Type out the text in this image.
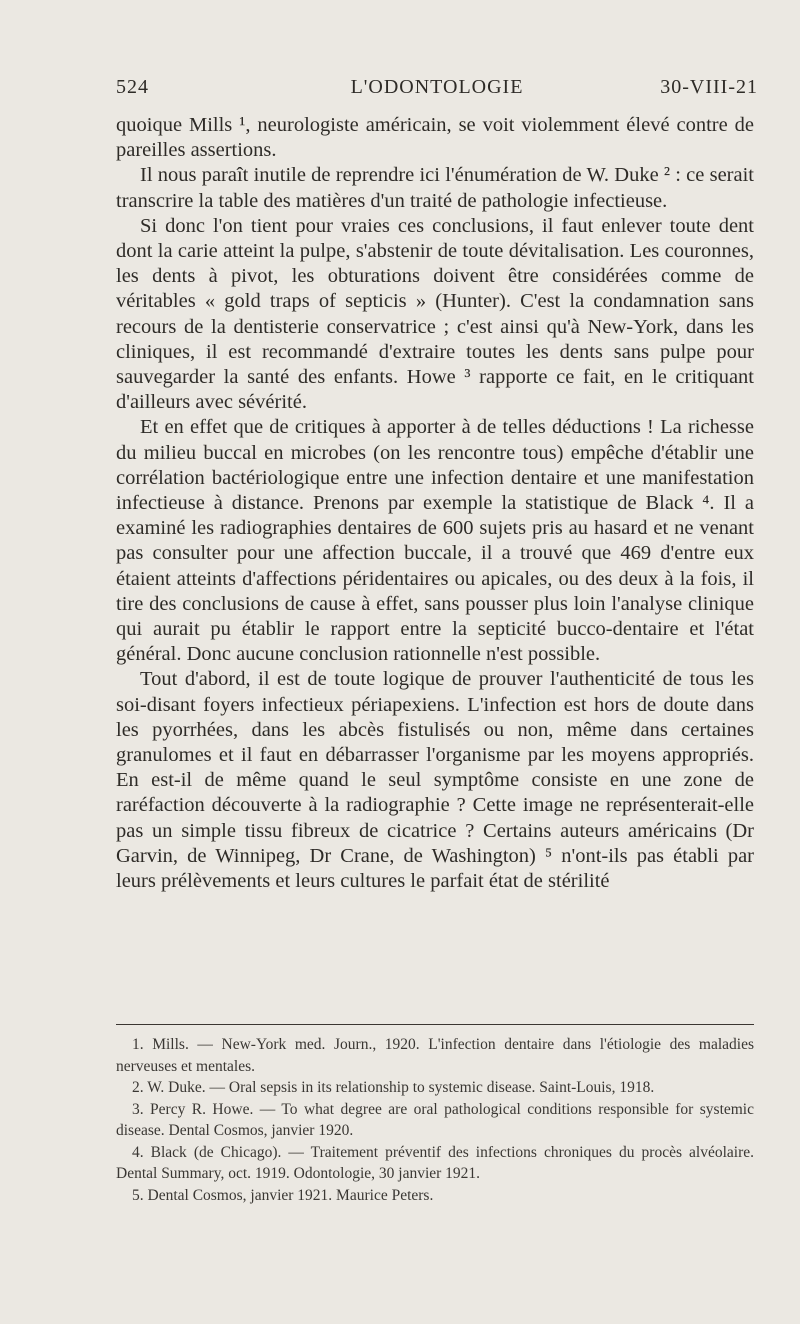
524	L'ODONTOLOGIE	30-VIII-21

quoique Mills ¹, neurologiste américain, se voit violemment élevé contre de pareilles assertions.

Il nous paraît inutile de reprendre ici l'énumération de W. Duke ² : ce serait transcrire la table des matières d'un traité de pathologie infectieuse.

Si donc l'on tient pour vraies ces conclusions, il faut enlever toute dent dont la carie atteint la pulpe, s'abstenir de toute dévitalisation. Les couronnes, les dents à pivot, les obturations doivent être considérées comme de véritables « gold traps of septicis » (Hunter). C'est la condamnation sans recours de la dentisterie conservatrice ; c'est ainsi qu'à New-York, dans les cliniques, il est recommandé d'extraire toutes les dents sans pulpe pour sauvegarder la santé des enfants. Howe ³ rapporte ce fait, en le critiquant d'ailleurs avec sévérité.

Et en effet que de critiques à apporter à de telles déductions ! La richesse du milieu buccal en microbes (on les rencontre tous) empêche d'établir une corrélation bactériologique entre une infection dentaire et une manifestation infectieuse à distance. Prenons par exemple la statistique de Black ⁴. Il a examiné les radiographies dentaires de 600 sujets pris au hasard et ne venant pas consulter pour une affection buccale, il a trouvé que 469 d'entre eux étaient atteints d'affections péridentaires ou apicales, ou des deux à la fois, il tire des conclusions de cause à effet, sans pousser plus loin l'analyse clinique qui aurait pu établir le rapport entre la septicité bucco-dentaire et l'état général. Donc aucune conclusion rationnelle n'est possible.

Tout d'abord, il est de toute logique de prouver l'authenticité de tous les soi-disant foyers infectieux périapexiens. L'infection est hors de doute dans les pyorrhées, dans les abcès fistulisés ou non, même dans certaines granulomes et il faut en débarrasser l'organisme par les moyens appropriés. En est-il de même quand le seul symptôme consiste en une zone de raréfaction découverte à la radiographie ? Cette image ne représenterait-elle pas un simple tissu fibreux de cicatrice ? Certains auteurs américains (Dr Garvin, de Winnipeg, Dr Crane, de Washington) ⁵ n'ont-ils pas établi par leurs prélèvements et leurs cultures le parfait état de stérilité

1. Mills. — New-York med. Journ., 1920. L'infection dentaire dans l'étiologie des maladies nerveuses et mentales.

2. W. Duke. — Oral sepsis in its relationship to systemic disease. Saint-Louis, 1918.

3. Percy R. Howe. — To what degree are oral pathological conditions responsible for systemic disease. Dental Cosmos, janvier 1920.

4. Black (de Chicago). — Traitement préventif des infections chroniques du procès alvéolaire. Dental Summary, oct. 1919. Odontologie, 30 janvier 1921.

5. Dental Cosmos, janvier 1921. Maurice Peters.
